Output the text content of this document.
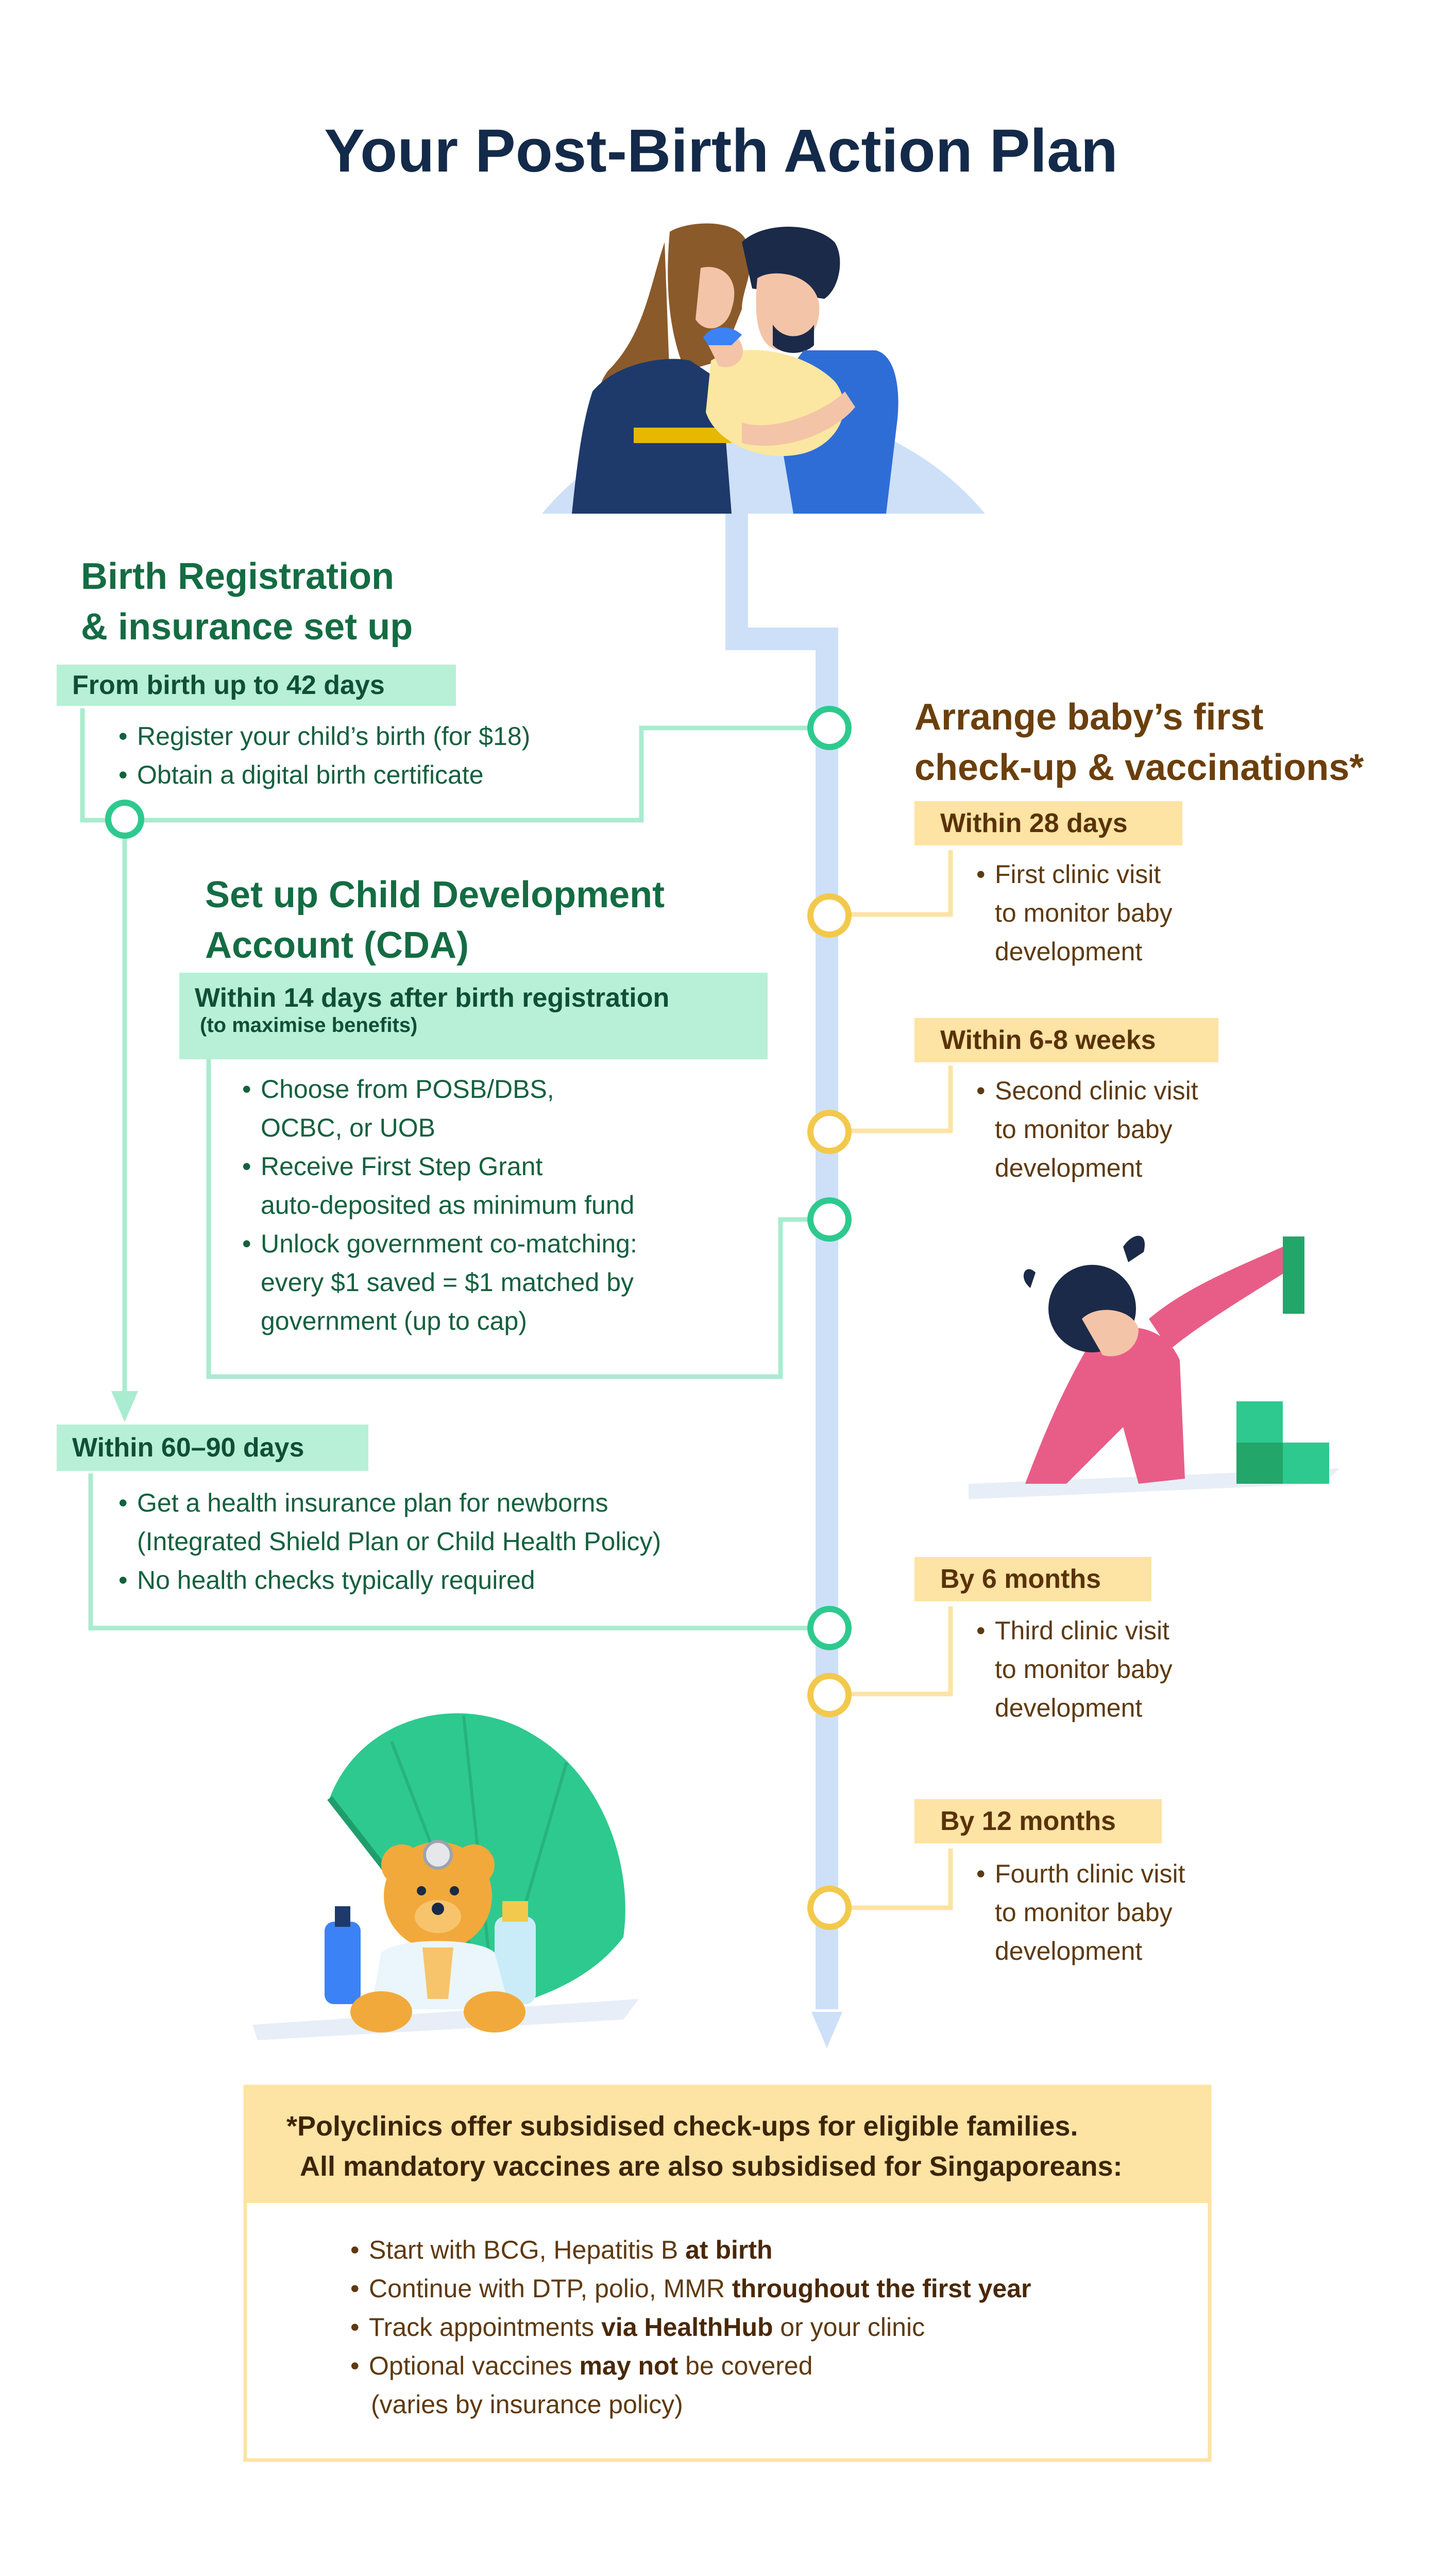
Your Post-Birth Action Plan
Birth Registration
& insurance set up
From birth up to 42 days
• Register your child’s birth (for $18)
• Obtain a digital birth certificate
Set up Child Development
Account (CDA)
Within 14 days after birth registration
(to maximise benefits)
• Choose from POSB/DBS,
OCBC, or UOB
• Receive First Step Grant
auto-deposited as minimum fund
• Unlock government co-matching:
every $1 saved = $1 matched by
government (up to cap)
Within 60–90 days
• Get a health insurance plan for newborns
(Integrated Shield Plan or Child Health Policy)
• No health checks typically required
Arrange baby’s first
check-up & vaccinations*
Within 28 days
• First clinic visit
to monitor baby
development
Within 6-8 weeks
• Second clinic visit
to monitor baby
development
By 6 months
• Third clinic visit
to monitor baby
development
By 12 months
• Fourth clinic visit
to monitor baby
development
*Polyclinics offer subsidised check-ups for eligible families.
All mandatory vaccines are also subsidised for Singaporeans:
• Start with BCG, Hepatitis B at birth
• Continue with DTP, polio, MMR throughout the first year
• Track appointments via HealthHub or your clinic
• Optional vaccines may not be covered
(varies by insurance policy)
